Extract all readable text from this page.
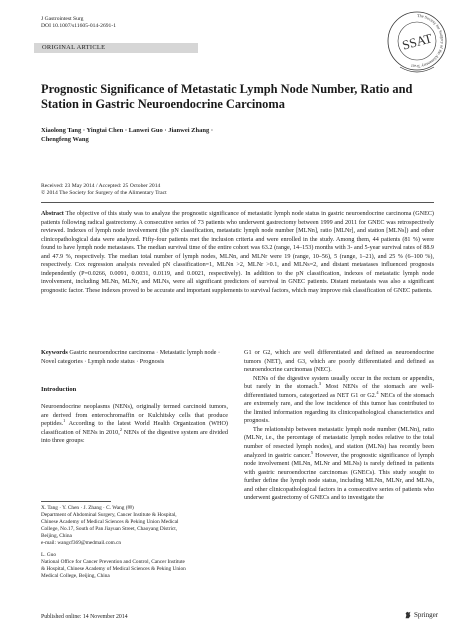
J Gastrointest Surg
DOI 10.1007/s11605-014-2691-1
ORIGINAL ARTICLE
The Society for Surgery of the Alimentary Tract
SSAT
Prognostic Significance of Metastatic Lymph Node Number, Ratio and Station in Gastric Neuroendocrine Carcinoma
Xiaolong Tang · Yingtai Chen · Lanwei Guo · Jianwei Zhang ·
Chengfeng Wang
Received: 23 May 2014 / Accepted: 25 October 2014
© 2014 The Society for Surgery of the Alimentary Tract

Abstract The objective of this study was to analyze the prognostic significance of metastatic lymph node status in gastric neuroendocrine carcinoma (GNEC) patients following radical gastrectomy. A consecutive series of 73 patients who underwent gastrectomy between 1999 and 2011 for GNEC was retrospectively reviewed. Indexes of lymph node involvement (the pN classification, metastatic lymph node number [MLNn], ratio [MLNr], and station [MLNs]) and other clinicopathological data were analyzed. Fifty-four patients met the inclusion criteria and were enrolled in the study. Among them, 44 patients (81 %) were found to have lymph node metastases. The median survival time of the entire cohort was 63.2 (range, 14–153) months with 3- and 5-year survival rates of 88.9 and 47.9 %, respectively. The median total number of lymph nodes, MLNn, and MLNr were 19 (range, 10–56), 5 (range, 1–21), and 25 % (6–100 %), respectively. Cox regression analysis revealed pN classification=1, MLNn >2, MLNr >0.1, and MLNs=2, and distant metastases influenced prognosis independently (P=0.0266, 0.0091, 0.0031, 0.0119, and 0.0021, respectively). In addition to the pN classification, indexes of metastatic lymph node involvement, including MLNn, MLNr, and MLNs, were all significant predictors of survival in GNEC patients. Distant metastasis was also a significant prognostic factor. These indexes proved to be accurate and important supplements to survival factors, which may improve risk classification of GNEC patients.

Keywords Gastric neuroendocrine carcinoma · Metastatic lymph node · Novel categories · Lymph node status · Prognosis

Introduction

Neuroendocrine neoplasms (NENs), originally termed carcinoid tumors, are derived from enterochromaffin or Kulchitsky cells that produce peptides.$^1$ According to the latest World Health Organization (WHO) classification of NENs in 2010,$^2$ NENs of the digestive system are divided into three groups:

X. Tang · Y. Chen · J. Zhang · C. Wang (✉)

Department of Abdominal Surgery, Cancer Institute & Hospital,

Chinese Academy of Medical Sciences & Peking Union Medical

College, No.17, South of Pan Jiayuan Street, Chaoyang District,

Beijing, China

e-mail: wangcf369@medmail.com.cn

L. Guo

National Office for Cancer Prevention and Control, Cancer Institute

& Hospital, Chinese Academy of Medical Sciences & Peking Union

Medical College, Beijing, China

G1 or G2, which are well differentiated and defined as neuroendocrine tumors (NET), and G3, which are poorly differentiated and defined as neuroendocrine carcinomas (NEC).

NENs of the digestive system usually occur in the rectum or appendix, but rarely in the stomach.$^3$ Most NENs of the stomach are well-differentiated tumors, categorized as NET G1 or G2.$^4$ NECs of the stomach are extremely rare, and the low incidence of this tumor has contributed to the limited information regarding its clinicopathological characteristics and prognosis.

The relationship between metastatic lymph node number (MLNn), ratio (MLNr, i.e., the percentage of metastatic lymph nodes relative to the total number of resected lymph nodes), and station (MLNs) has recently been analyzed in gastric cancer.$^5$ However, the prognostic significance of lymph node involvement (MLNn, MLNr and MLNs) is rarely defined in patients with gastric neuroendocrine carcinomas (GNECs). This study sought to further define the lymph node status, including MLNn, MLNr, and MLNs, and other clinicopathological factors in a consecutive series of patients who underwent gastrectomy of GNECs and to investigate the

Published online: 14 November 2014	Springer
